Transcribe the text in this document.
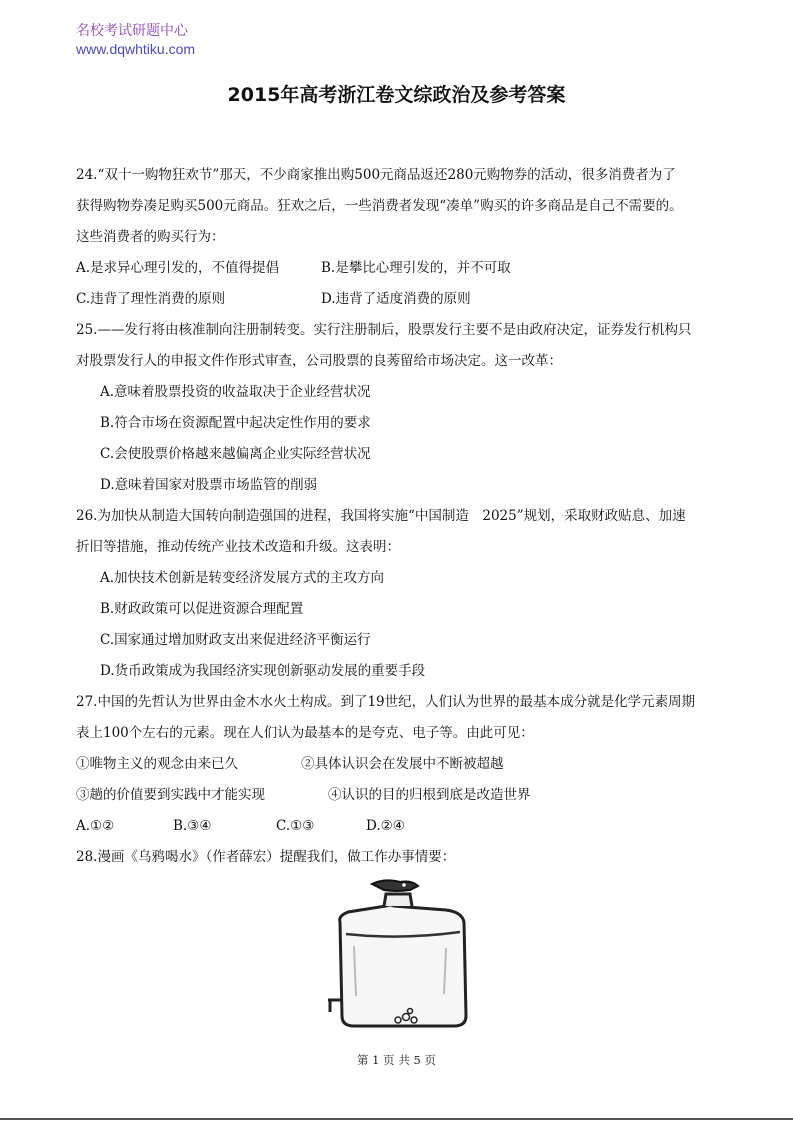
名校考试研题中心
www.dqwhtiku.com
2015年高考浙江卷文综政治及参考答案
24.“双十一购物狂欢节”那天，不少商家推出购500元商品返还280元购物券的活动，很多消费者为了
获得购物券凑足购买500元商品。狂欢之后，一些消费者发现“凑单”购买的许多商品是自己不需要的。
这些消费者的购买行为：
A.是求异心理引发的，不值得提倡	B.是攀比心理引发的，并不可取
C.违背了理性消费的原则	D.违背了适度消费的原则
25.——发行将由核准制向注册制转变。实行注册制后，股票发行主要不是由政府决定，证券发行机构只
对股票发行人的申报文件作形式审查，公司股票的良莠留给市场决定。这一改革：
A.意味着股票投资的收益取决于企业经营状况
B.符合市场在资源配置中起决定性作用的要求
C.会使股票价格越来越偏离企业实际经营状况
D.意味着国家对股票市场监管的削弱
26.为加快从制造大国转向制造强国的进程，我国将实施“中国制造　2025”规划，采取财政贴息、加速
折旧等措施，推动传统产业技术改造和升级。这表明：
A.加快技术创新是转变经济发展方式的主攻方向
B.财政政策可以促进资源合理配置
C.国家通过增加财政支出来促进经济平衡运行
D.货币政策成为我国经济实现创新驱动发展的重要手段
27.中国的先哲认为世界由金木水火土构成。到了19世纪，人们认为世界的最基本成分就是化学元素周期
表上100个左右的元素。现在人们认为最基本的是夸克、电子等。由此可见：
①唯物主义的观念由来已久	②具体认识会在发展中不断被超越
③趟的价值要到实践中才能实现	④认识的目的归根到底是改造世界
A.①②	B.③④	C.①③	D.②④
28.漫画《乌鸦喝水》（作者薛宏）提醒我们，做工作办事情要：
第 1 页 共 5 页
